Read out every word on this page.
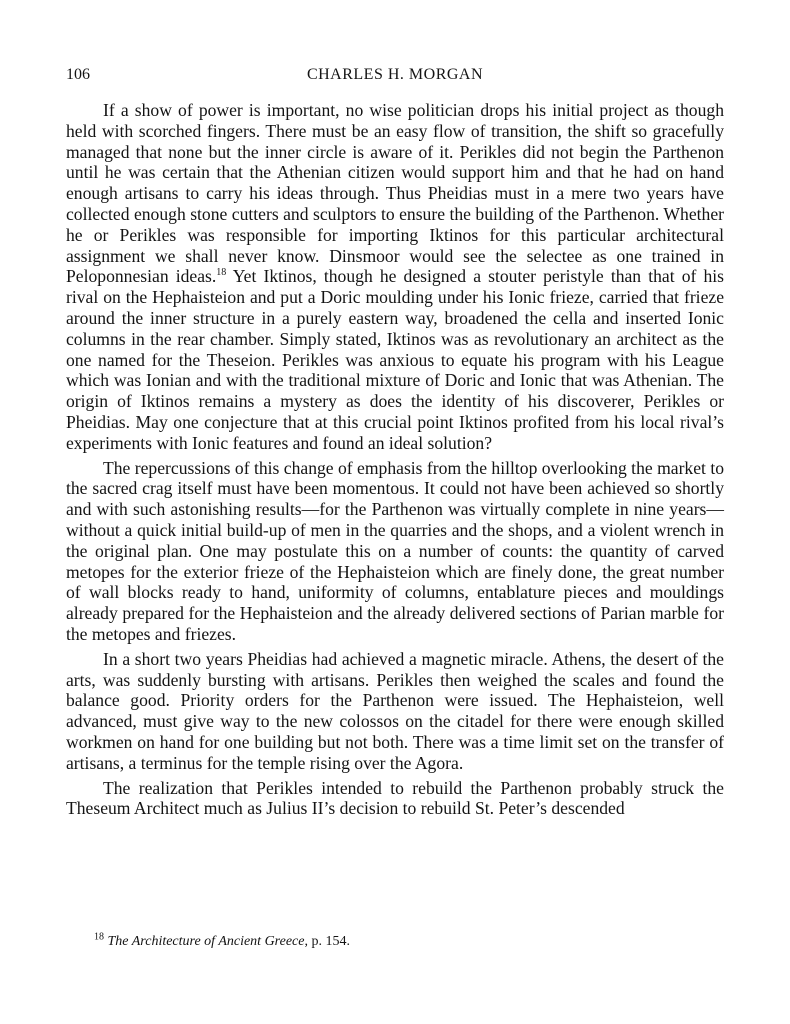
106	CHARLES H. MORGAN

If a show of power is important, no wise politician drops his initial project as though held with scorched fingers. There must be an easy flow of transition, the shift so gracefully managed that none but the inner circle is aware of it. Perikles did not begin the Parthenon until he was certain that the Athenian citizen would support him and that he had on hand enough artisans to carry his ideas through. Thus Pheidias must in a mere two years have collected enough stone cutters and sculptors to ensure the building of the Parthenon. Whether he or Perikles was responsible for importing Iktinos for this particular architectural assignment we shall never know. Dinsmoor would see the selectee as one trained in Peloponnesian ideas.$^{18}$ Yet Iktinos, though he designed a stouter peristyle than that of his rival on the Hephaisteion and put a Doric moulding under his Ionic frieze, carried that frieze around the inner structure in a purely eastern way, broadened the cella and inserted Ionic columns in the rear chamber. Simply stated, Iktinos was as revolutionary an architect as the one named for the Theseion. Perikles was anxious to equate his program with his League which was Ionian and with the traditional mixture of Doric and Ionic that was Athenian. The origin of Iktinos remains a mystery as does the identity of his discoverer, Perikles or Pheidias. May one conjecture that at this crucial point Iktinos profited from his local rival’s experiments with Ionic features and found an ideal solution?

The repercussions of this change of emphasis from the hilltop overlooking the market to the sacred crag itself must have been momentous. It could not have been achieved so shortly and with such astonishing results—for the Parthenon was virtually complete in nine years—without a quick initial build-up of men in the quarries and the shops, and a violent wrench in the original plan. One may postulate this on a number of counts: the quantity of carved metopes for the exterior frieze of the Hephaisteion which are finely done, the great number of wall blocks ready to hand, uniformity of columns, entablature pieces and mouldings already prepared for the Hephaisteion and the already delivered sections of Parian marble for the metopes and friezes.

In a short two years Pheidias had achieved a magnetic miracle. Athens, the desert of the arts, was suddenly bursting with artisans. Perikles then weighed the scales and found the balance good. Priority orders for the Parthenon were issued. The Hephaisteion, well advanced, must give way to the new colossos on the citadel for there were enough skilled workmen on hand for one building but not both. There was a time limit set on the transfer of artisans, a terminus for the temple rising over the Agora.

The realization that Perikles intended to rebuild the Parthenon probably struck the Theseum Architect much as Julius II’s decision to rebuild St. Peter’s descended

$^{18}$ The Architecture of Ancient Greece, p. 154.
